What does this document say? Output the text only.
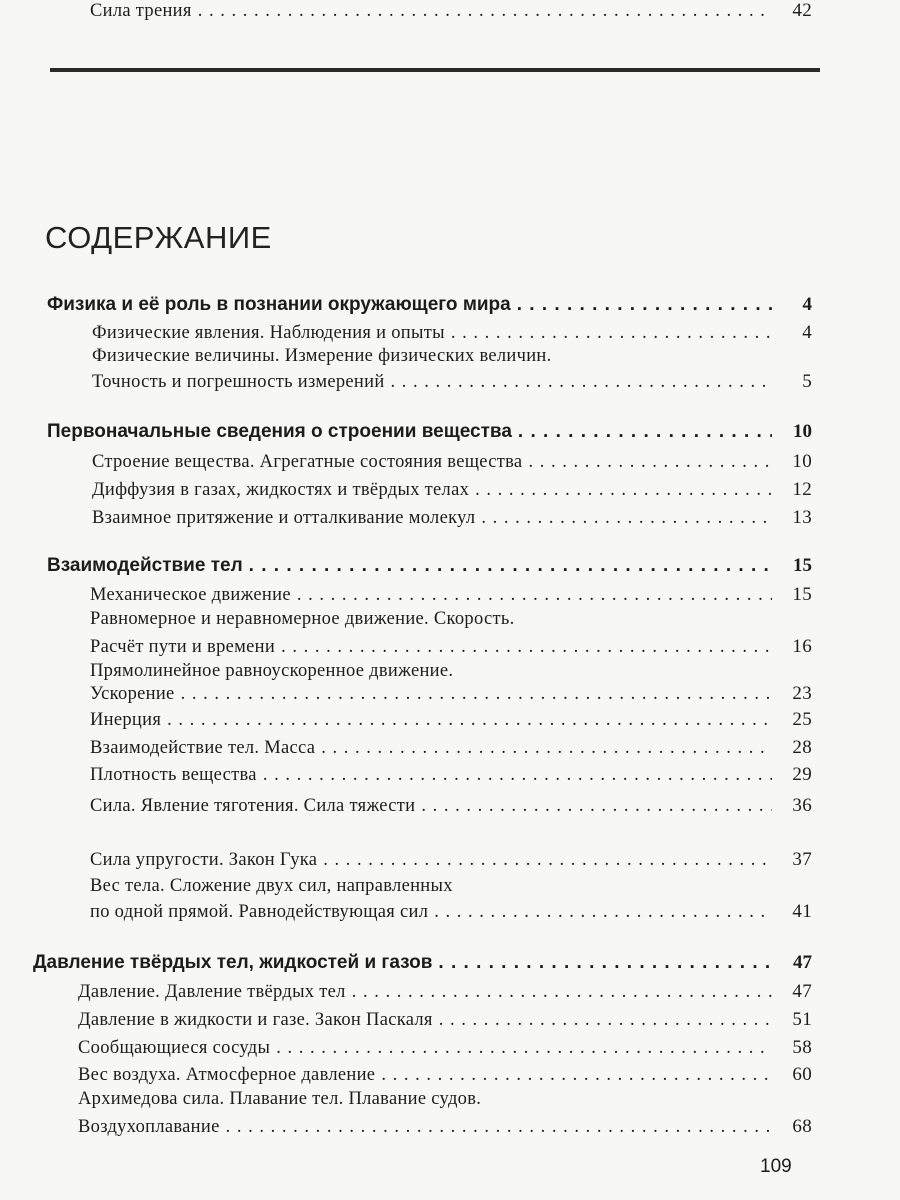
СОДЕРЖАНИЕ
Физика и её роль в познании окружающего мира . . .	4
Физические явления. Наблюдения и опыты . . .	4
Физические величины. Измерение физических величин.
Точность и погрешность измерений . . .	5
Первоначальные сведения о строении вещества . . .	10
Строение вещества. Агрегатные состояния вещества . . .	10
Диффузия в газах, жидкостях и твёрдых телах . . .	12
Взаимное притяжение и отталкивание молекул . . .	13
Взаимодействие тел . . .	15
Механическое движение . . .	15
Равномерное и неравномерное движение. Скорость.
Расчёт пути и времени . . .	16
Прямолинейное равноускоренное движение.
Ускорение . . .	23
Инерция . . .	25
Взаимодействие тел. Масса . . .	28
Плотность вещества . . .	29
Сила. Явление тяготения. Сила тяжести . . .	36
Сила упругости. Закон Гука . . .	37
Вес тела. Сложение двух сил, направленных
по одной прямой. Равнодействующая сил . . .	41
Сила трения . . .	42
Давление твёрдых тел, жидкостей и газов . . .	47
Давление. Давление твёрдых тел . . .	47
Давление в жидкости и газе. Закон Паскаля . . .	51
Сообщающиеся сосуды . . .	58
Вес воздуха. Атмосферное давление . . .	60
Архимедова сила. Плавание тел. Плавание судов.
Воздухоплавание . . .	68
109
